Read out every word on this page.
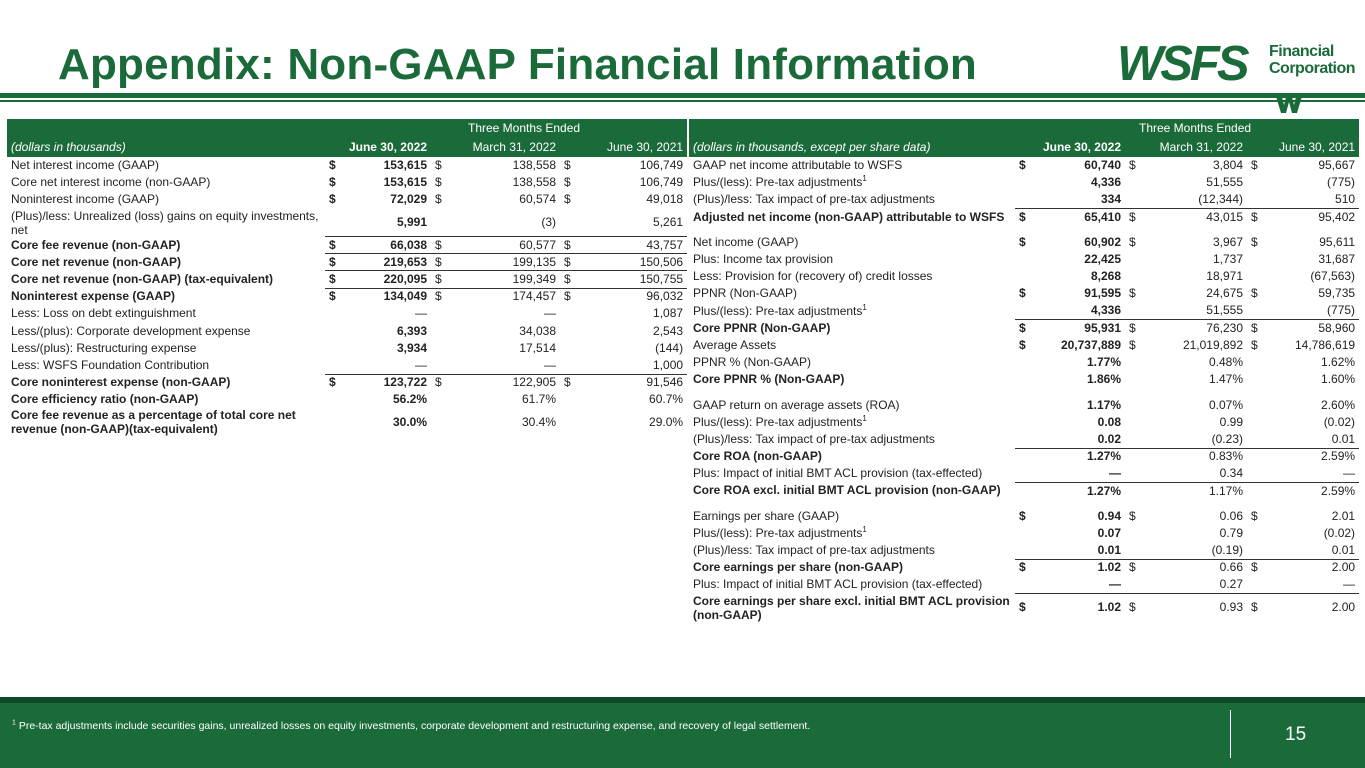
Appendix: Non-GAAP Financial Information	WSFS Financial
Corporation
	Three Months Ended					
(dollars in thousands)	June 30, 2022		March 31, 2022		June 30, 2021	
Net interest income (GAAP)	$	153,615	$	138,558	$	106,749
Core net interest income (non-GAAP)	$	153,615	$	138,558	$	106,749
Noninterest income (GAAP)	$	72,029	$	60,574	$	49,018
(Plus)/less: Unrealized (loss) gains on equity investments, net		5,991		(3)		5,261
Core fee revenue (non-GAAP)	$	66,038	$	60,577	$	43,757
Core net revenue (non-GAAP)	$	219,653	$	199,135	$	150,506
Core net revenue (non-GAAP) (tax-equivalent)	$	220,095	$	199,349	$	150,755
Noninterest expense (GAAP)	$	134,049	$	174,457	$	96,032
Less: Loss on debt extinguishment		—		—		1,087
Less/(plus): Corporate development expense		6,393		34,038		2,543
Less/(plus): Restructuring expense		3,934		17,514		(144)
Less: WSFS Foundation Contribution		—		—		1,000
Core noninterest expense (non-GAAP)	$	123,722	$	122,905	$	91,546
Core efficiency ratio (non-GAAP)		56.2%		61.7%		60.7%
Core fee revenue as a percentage of total core net revenue (non-GAAP)(tax-equivalent)		30.0%		30.4%		29.0%
	Three Months Ended					
(dollars in thousands, except per share data)	June 30, 2022		March 31, 2022		June 30, 2021	
GAAP net income attributable to WSFS	$	60,740	$	3,804	$	95,667
Plus/(less): Pre-tax adjustments$^1$		4,336		51,555		(775)
(Plus)/less: Tax impact of pre-tax adjustments		334		(12,344)		510
Adjusted net income (non-GAAP) attributable to WSFS	$	65,410	$	43,015	$	95,402

Net income (GAAP)	$	60,902	$	3,967	$	95,611
Plus: Income tax provision		22,425		1,737		31,687
Less: Provision for (recovery of) credit losses		8,268		18,971		(67,563)
PPNR (Non-GAAP)	$	91,595	$	24,675	$	59,735
Plus/(less): Pre-tax adjustments$^1$		4,336		51,555		(775)
Core PPNR (Non-GAAP)	$	95,931	$	76,230	$	58,960
Average Assets	$	20,737,889	$	21,019,892	$	14,786,619
PPNR % (Non-GAAP)		1.77%		0.48%		1.62%
Core PPNR % (Non-GAAP)		1.86%		1.47%		1.60%

GAAP return on average assets (ROA)		1.17%		0.07%		2.60%
Plus/(less): Pre-tax adjustments$^1$		0.08		0.99		(0.02)
(Plus)/less: Tax impact of pre-tax adjustments		0.02		(0.23)		0.01
Core ROA (non-GAAP)		1.27%		0.83%		2.59%
Plus: Impact of initial BMT ACL provision (tax-effected)		—		0.34		—
Core ROA excl. initial BMT ACL provision (non-GAAP)		1.27%		1.17%		2.59%

Earnings per share (GAAP)	$	0.94	$	0.06	$	2.01
Plus/(less): Pre-tax adjustments$^1$		0.07		0.79		(0.02)
(Plus)/less: Tax impact of pre-tax adjustments		0.01		(0.19)		0.01
Core earnings per share (non-GAAP)	$	1.02	$	0.66	$	2.00
Plus: Impact of initial BMT ACL provision (tax-effected)		—		0.27		—
Core earnings per share excl. initial BMT ACL provision (non-GAAP)	$	1.02	$	0.93	$	2.00
$^1$ Pre-tax adjustments include securities gains, unrealized losses on equity investments, corporate development and restructuring expense, and recovery of legal settlement.	15
